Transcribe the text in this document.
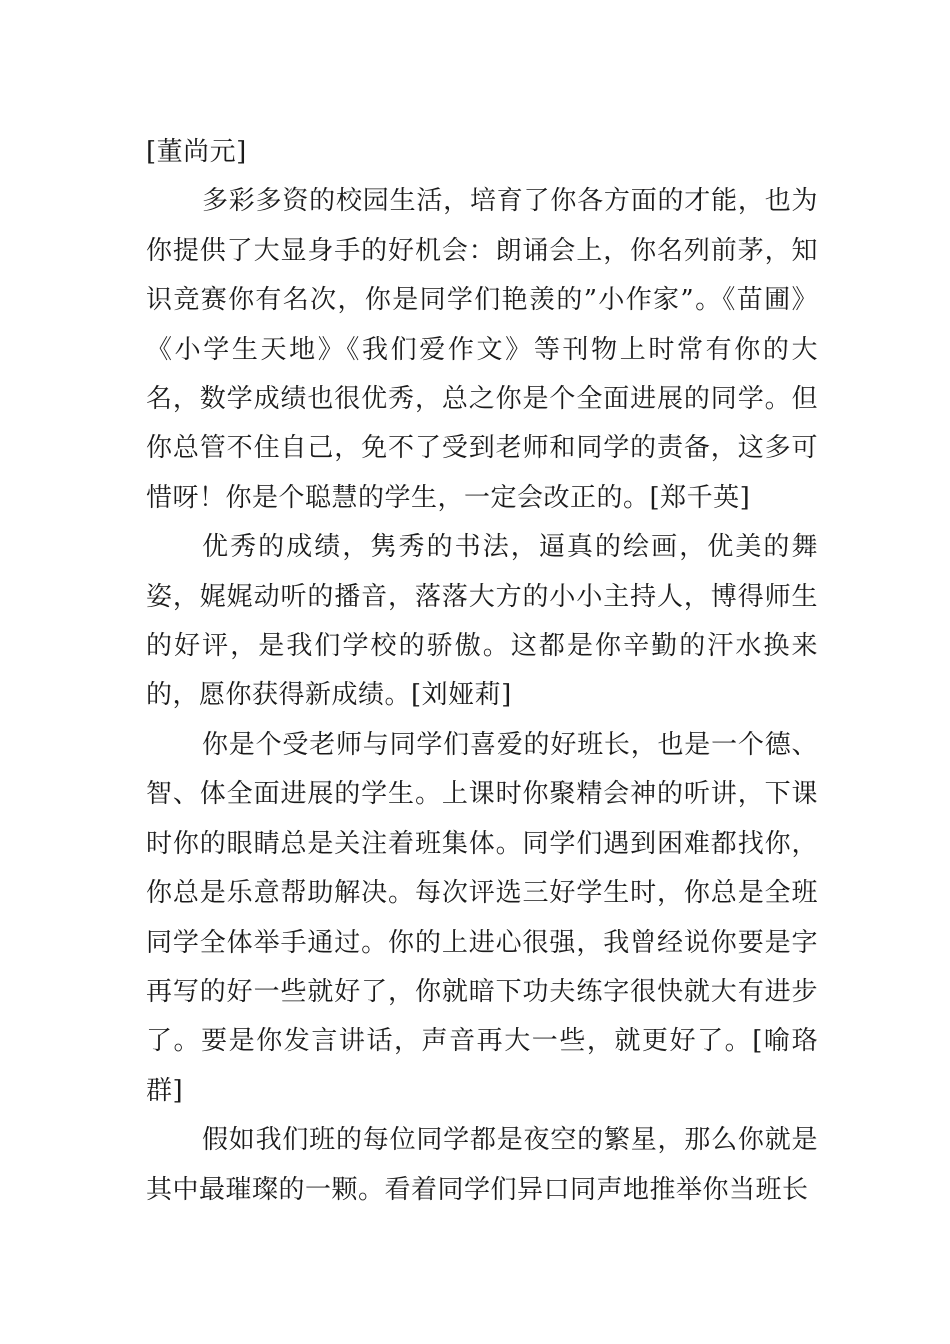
[董尚元]

多彩多资的校园生活，培育了你各方面的才能，也为你提供了大显身手的好机会：朗诵会上，你名列前茅，知识竞赛你有名次，你是同学们艳羡的”小作家”。《苗圃》《小学生天地》《我们爱作文》等刊物上时常有你的大名，数学成绩也很优秀，总之你是个全面进展的同学。但你总管不住自己，免不了受到老师和同学的责备，这多可惜呀！你是个聪慧的学生，一定会改正的。[郑千英]

优秀的成绩，隽秀的书法，逼真的绘画，优美的舞姿，娓娓动听的播音，落落大方的小小主持人，博得师生的好评，是我们学校的骄傲。这都是你辛勤的汗水换来的，愿你获得新成绩。[刘娅莉]

你是个受老师与同学们喜爱的好班长，也是一个德、智、体全面进展的学生。上课时你聚精会神的听讲，下课时你的眼睛总是关注着班集体。同学们遇到困难都找你，你总是乐意帮助解决。每次评选三好学生时，你总是全班同学全体举手通过。你的上进心很强，我曾经说你要是字再写的好一些就好了，你就暗下功夫练字很快就大有进步了。要是你发言讲话，声音再大一些，就更好了。[喻珞群]

假如我们班的每位同学都是夜空的繁星，那么你就是其中最璀璨的一颗。看着同学们异口同声地推举你当班长
